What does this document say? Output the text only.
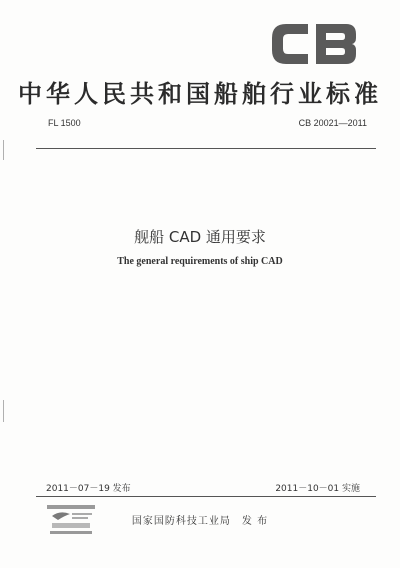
中华人民共和国船舶行业标准
FL 1500	CB 20021—2011
舰船 CAD 通用要求
The general requirements of ship CAD
2011－07－19 发布	2011－10－01 实施
国家国防科技工业局　发 布
